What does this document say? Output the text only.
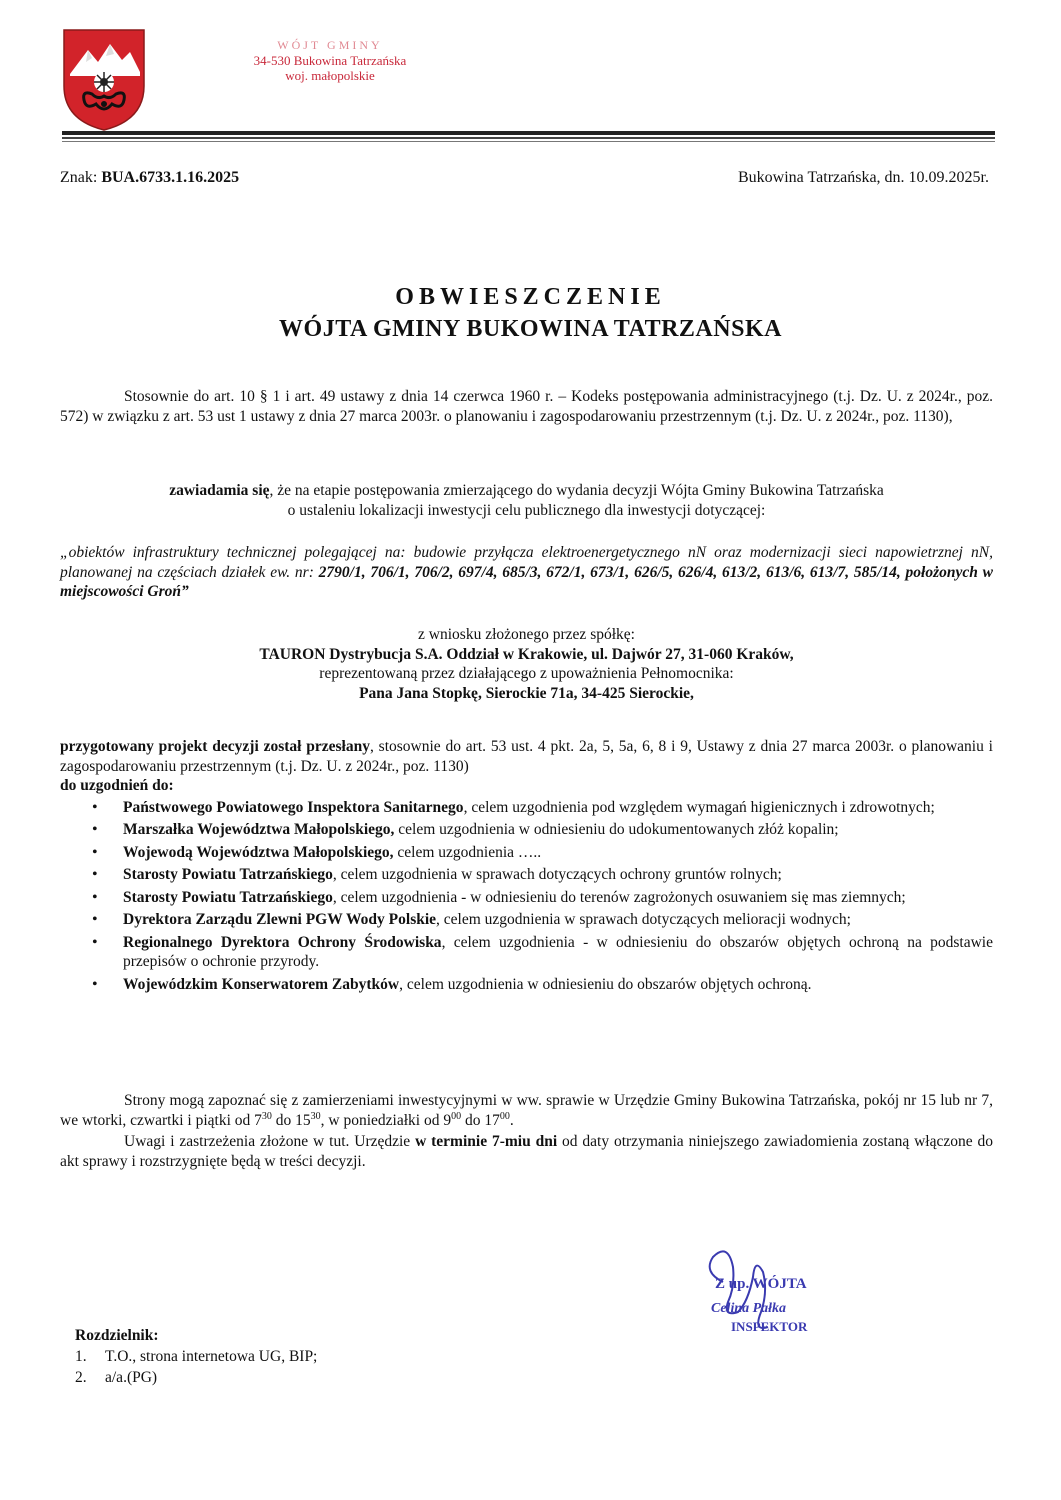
WÓJT GMINY
34-530 Bukowina Tatrzańska
woj. małopolskie
Znak: BUA.6733.1.16.2025	Bukowina Tatrzańska, dn. 10.09.2025r.
OBWIESZCZENIE
WÓJTA GMINY BUKOWINA TATRZAŃSKA
Stosownie do art. 10 § 1 i art. 49 ustawy z dnia 14 czerwca 1960 r. – Kodeks postępowania administracyjnego (t.j. Dz. U. z 2024r., poz. 572) w związku z art. 53 ust 1 ustawy z dnia 27 marca 2003r. o planowaniu i zagospodarowaniu przestrzennym (t.j. Dz. U. z 2024r., poz. 1130),
zawiadamia się, że na etapie postępowania zmierzającego do wydania decyzji Wójta Gminy Bukowina Tatrzańska
o ustaleniu lokalizacji inwestycji celu publicznego dla inwestycji dotyczącej:
„obiektów infrastruktury technicznej polegającej na: budowie przyłącza elektroenergetycznego nN oraz modernizacji sieci napowietrznej nN, planowanej na częściach działek ew. nr: 2790/1, 706/1, 706/2, 697/4, 685/3, 672/1, 673/1, 626/5, 626/4, 613/2, 613/6, 613/7, 585/14, położonych w miejscowości Groń”
z wniosku złożonego przez spółkę:
TAURON Dystrybucja S.A. Oddział w Krakowie, ul. Dajwór 27, 31-060 Kraków,
reprezentowaną przez działającego z upoważnienia Pełnomocnika:
Pana Jana Stopkę, Sierockie 71a, 34-425 Sierockie,
przygotowany projekt decyzji został przesłany, stosownie do art. 53 ust. 4 pkt. 2a, 5, 5a, 6, 8 i 9, Ustawy z dnia 27 marca 2003r. o planowaniu i zagospodarowaniu przestrzennym (t.j. Dz. U. z 2024r., poz. 1130)
do uzgodnień do:
• Państwowego Powiatowego Inspektora Sanitarnego, celem uzgodnienia pod względem wymagań higienicznych i zdrowotnych;
• Marszałka Województwa Małopolskiego, celem uzgodnienia w odniesieniu do udokumentowanych złóż kopalin;
• Wojewodą Województwa Małopolskiego, celem uzgodnienia …..
• Starosty Powiatu Tatrzańskiego, celem uzgodnienia w sprawach dotyczących ochrony gruntów rolnych;
• Starosty Powiatu Tatrzańskiego, celem uzgodnienia - w odniesieniu do terenów zagrożonych osuwaniem się mas ziemnych;
• Dyrektora Zarządu Zlewni PGW Wody Polskie, celem uzgodnienia w sprawach dotyczących melioracji wodnych;
• Regionalnego Dyrektora Ochrony Środowiska, celem uzgodnienia - w odniesieniu do obszarów objętych ochroną na podstawie przepisów o ochronie przyrody.
• Wojewódzkim Konserwatorem Zabytków, celem uzgodnienia w odniesieniu do obszarów objętych ochroną.
Strony mogą zapoznać się z zamierzeniami inwestycyjnymi w ww. sprawie w Urzędzie Gminy Bukowina Tatrzańska, pokój nr 15 lub nr 7, we wtorki, czwartki i piątki od $7^{30}$ do $15^{30}$, w poniedziałki od $9^{00}$ do $17^{00}$.
Uwagi i zastrzeżenia złożone w tut. Urzędzie w terminie 7-miu dni od daty otrzymania niniejszego zawiadomienia zostaną włączone do akt sprawy i rozstrzygnięte będą w treści decyzji.
Z up. WÓJTA
Celina Pałka
INSPEKTOR
Rozdzielnik:
1. T.O., strona internetowa UG, BIP;
2. a/a.(PG)
